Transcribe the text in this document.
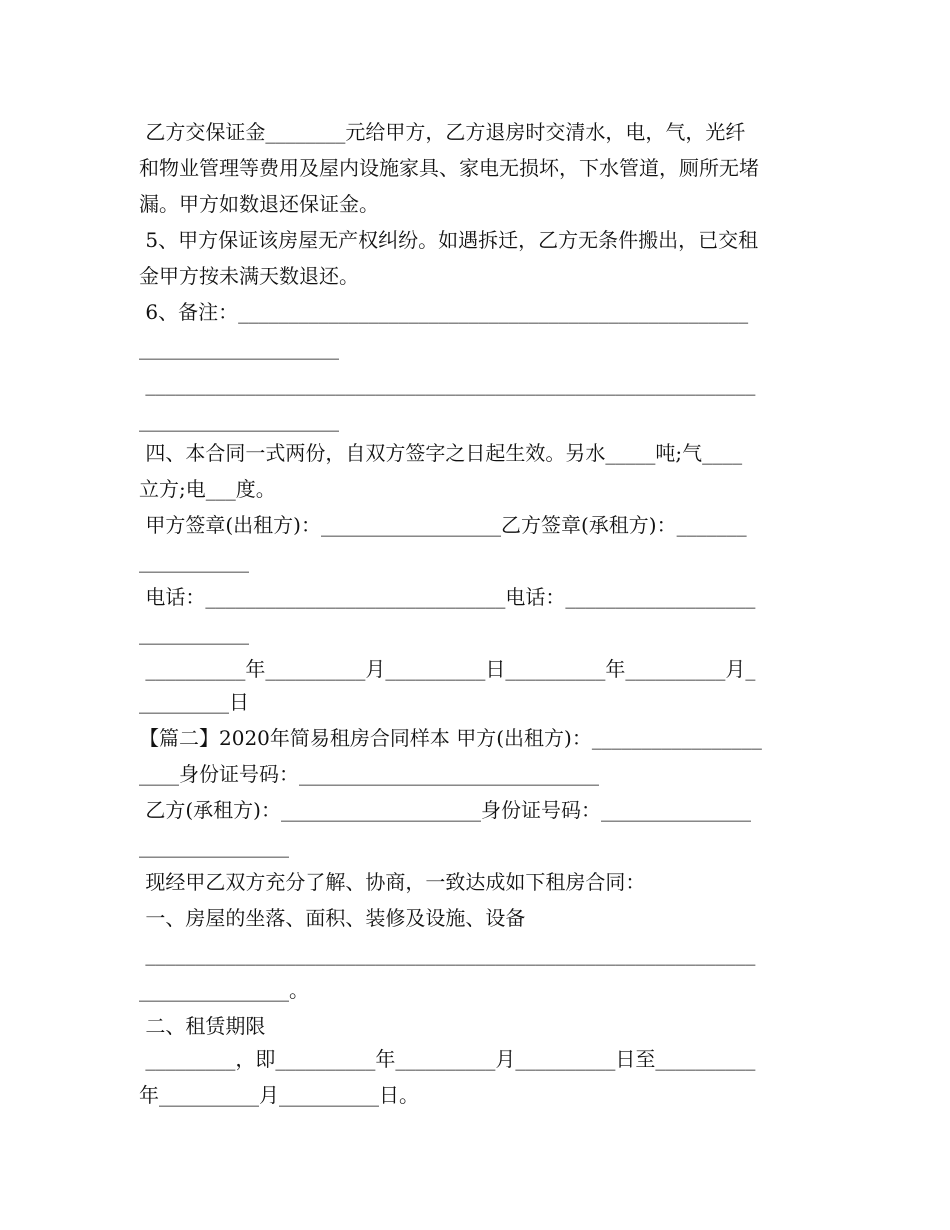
乙方交保证金________元给甲方，乙方退房时交清水，电，气，光纤
和物业管理等费用及屋内设施家具、家电无损坏，下水管道，厕所无堵
漏。甲方如数退还保证金。
5、甲方保证该房屋无产权纠纷。如遇拆迁，乙方无条件搬出，已交租
金甲方按未满天数退还。
6、备注：___________________________________________________
____________________
_____________________________________________________________
____________________
四、本合同一式两份，自双方签字之日起生效。另水_____吨;气____
立方;电___度。
甲方签章(出租方)：__________________乙方签章(承租方)：_______
___________
电话：______________________________电话：___________________
___________
__________年__________月__________日__________年__________月_
_________日
【篇二】2020年简易租房合同样本 甲方(出租方)：_________________
____身份证号码：______________________________
乙方(承租方)：____________________身份证号码：_______________
_______________
现经甲乙双方充分了解、协商，一致达成如下租房合同：
一、房屋的坐落、面积、装修及设施、设备
_____________________________________________________________
_______________。
二、租赁期限
_________，即__________年__________月__________日至__________
年__________月__________日。
